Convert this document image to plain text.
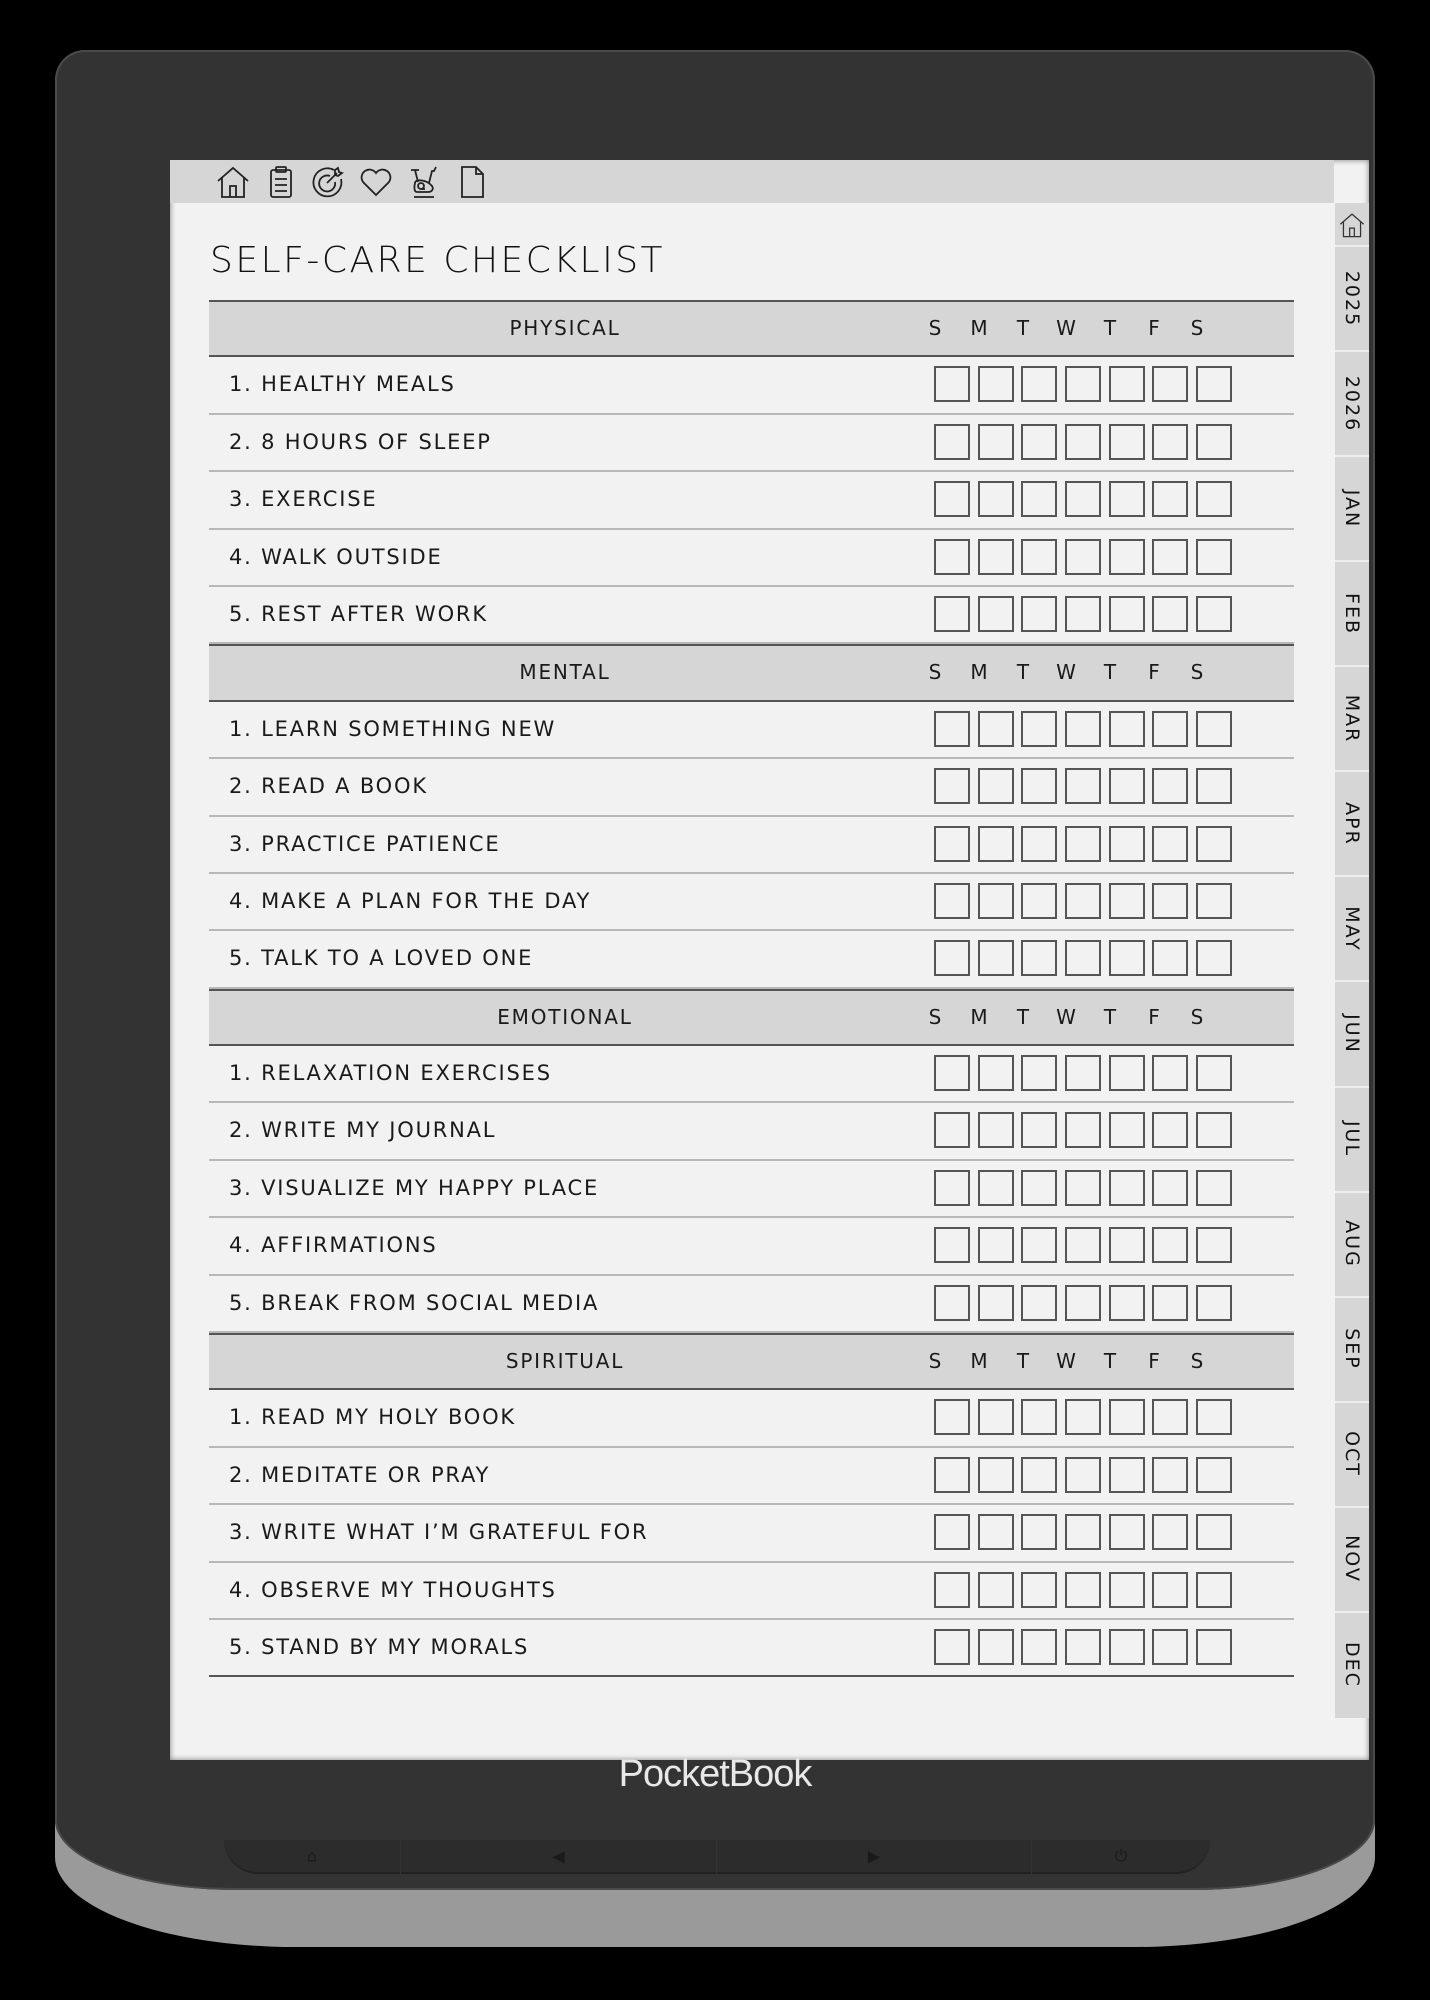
SELF-CARE CHECKLIST
PHYSICAL	S	M	T	W	T	F	S
1. HEALTHY MEALS
2. 8 HOURS OF SLEEP
3. EXERCISE
4. WALK OUTSIDE
5. REST AFTER WORK
MENTAL	S	M	T	W	T	F	S
1. LEARN SOMETHING NEW
2. READ A BOOK
3. PRACTICE PATIENCE
4. MAKE A PLAN FOR THE DAY
5. TALK TO A LOVED ONE
EMOTIONAL	S	M	T	W	T	F	S
1. RELAXATION EXERCISES
2. WRITE MY JOURNAL
3. VISUALIZE MY HAPPY PLACE
4. AFFIRMATIONS
5. BREAK FROM SOCIAL MEDIA
SPIRITUAL	S	M	T	W	T	F	S
1. READ MY HOLY BOOK
2. MEDITATE OR PRAY
3. WRITE WHAT I’M GRATEFUL FOR
4. OBSERVE MY THOUGHTS
5. STAND BY MY MORALS
2025
2026
JAN
FEB
MAR
APR
MAY
JUN
JUL
AUG
SEP
OCT
NOV
DEC
PocketBook
⌂	◀	▶	⏻
